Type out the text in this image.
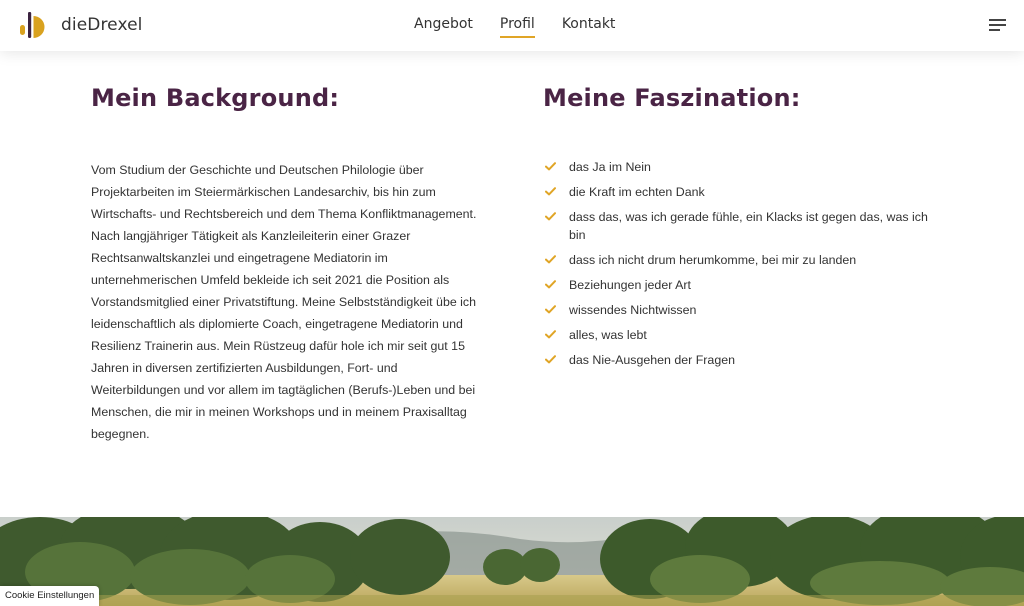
dieDrexel	Angebot Profil Kontakt
Mein Background:

Vom Studium der Geschichte und Deutschen Philologie über Projektarbeiten im Steiermärkischen Landesarchiv, bis hin zum Wirtschafts- und Rechtsbereich und dem Thema Konfliktmanagement. Nach langjähriger Tätigkeit als Kanzleileiterin einer Grazer Rechtsanwaltskanzlei und eingetragene Mediatorin im unternehmerischen Umfeld bekleide ich seit 2021 die Position als Vorstandsmitglied einer Privatstiftung. Meine Selbstständigkeit übe ich leidenschaftlich als diplomierte Coach, eingetragene Mediatorin und Resilienz Trainerin aus. Mein Rüstzeug dafür hole ich mir seit gut 15 Jahren in diversen zertifizierten Ausbildungen, Fort- und Weiterbildungen und vor allem im tagtäglichen (Berufs-)Leben und bei Menschen, die mir in meinen Workshops und in meinem Praxisalltag begegnen.

Meine Faszination:
das Ja im Nein
die Kraft im echten Dank
dass das, was ich gerade fühle, ein Klacks ist gegen das, was ich bin
dass ich nicht drum herumkomme, bei mir zu landen
Beziehungen jeder Art
wissendes Nichtwissen
alles, was lebt
das Nie-Ausgehen der Fragen
Cookie Einstellungen
